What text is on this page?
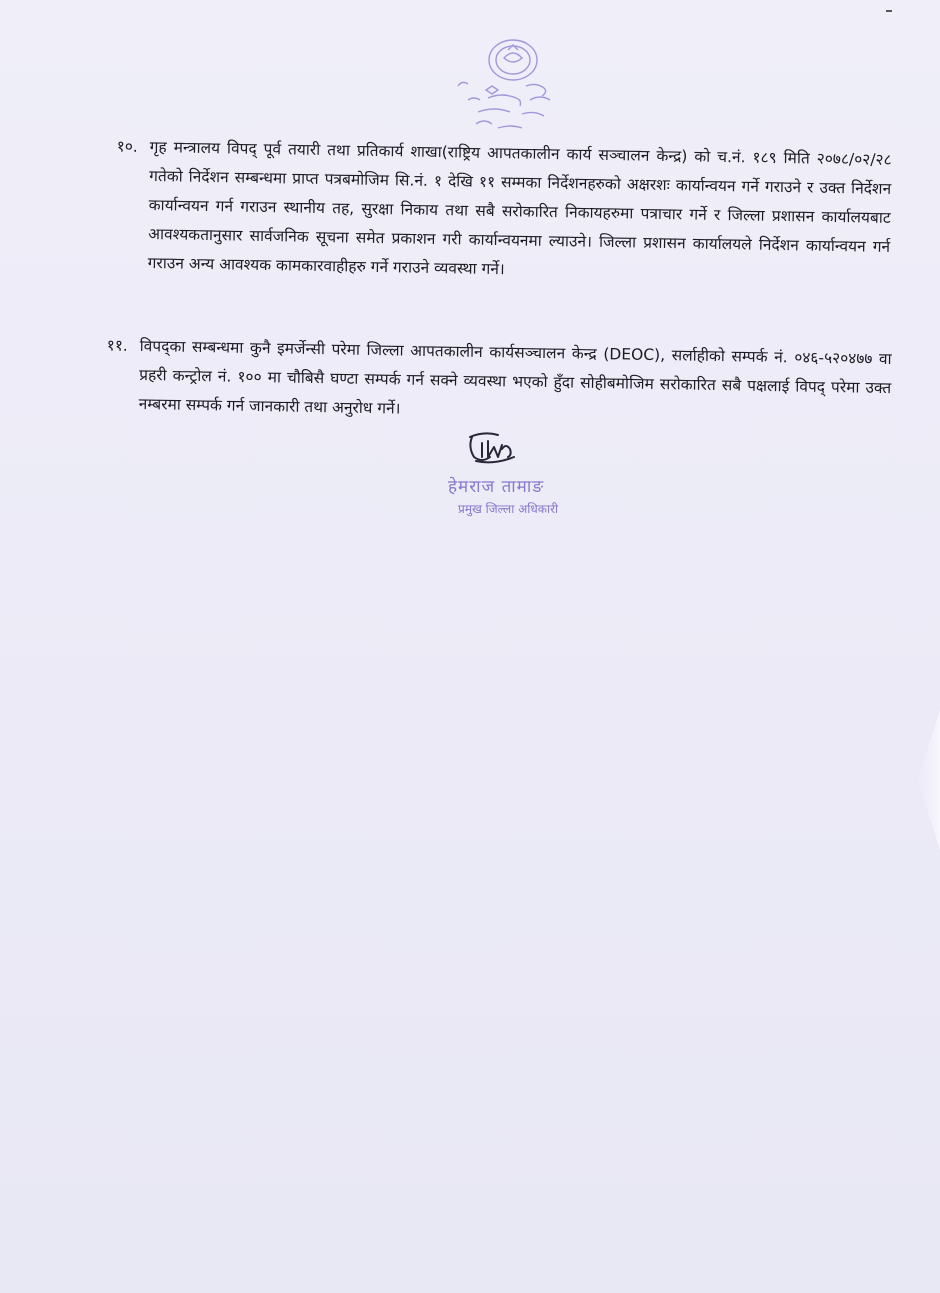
१०. गृह मन्त्रालय विपद् पूर्व तयारी तथा प्रतिकार्य शाखा(राष्ट्रिय आपतकालीन कार्य सञ्चालन केन्द्र) को च.नं. १८९ मिति २०७८/०२/२८ गतेको निर्देशन सम्बन्धमा प्राप्त पत्रबमोजिम सि.नं. १ देखि ११ सम्मका निर्देशनहरुको अक्षरशः कार्यान्वयन गर्ने गराउने र उक्त निर्देशन कार्यान्वयन गर्न गराउन स्थानीय तह, सुरक्षा निकाय तथा सबै सरोकारित निकायहरुमा पत्राचार गर्ने र जिल्ला प्रशासन कार्यालयबाट आवश्यकतानुसार सार्वजनिक सूचना समेत प्रकाशन गरी कार्यान्वयनमा ल्याउने। जिल्ला प्रशासन कार्यालयले निर्देशन कार्यान्वयन गर्न गराउन अन्य आवश्यक कामकारवाहीहरु गर्ने गराउने व्यवस्था गर्ने।

११. विपद्का सम्बन्धमा कुनै इमर्जेन्सी परेमा जिल्ला आपतकालीन कार्यसञ्चालन केन्द्र (DEOC), सर्लाहीको सम्पर्क नं. ०४६-५२०४७७ वा प्रहरी कन्ट्रोल नं. १०० मा चौबिसै घण्टा सम्पर्क गर्न सक्ने व्यवस्था भएको हुँदा सोहीबमोजिम सरोकारित सबै पक्षलाई विपद् परेमा उक्त नम्बरमा सम्पर्क गर्न जानकारी तथा अनुरोध गर्ने।

हेमराज तामाङ
प्रमुख जिल्ला अधिकारी
